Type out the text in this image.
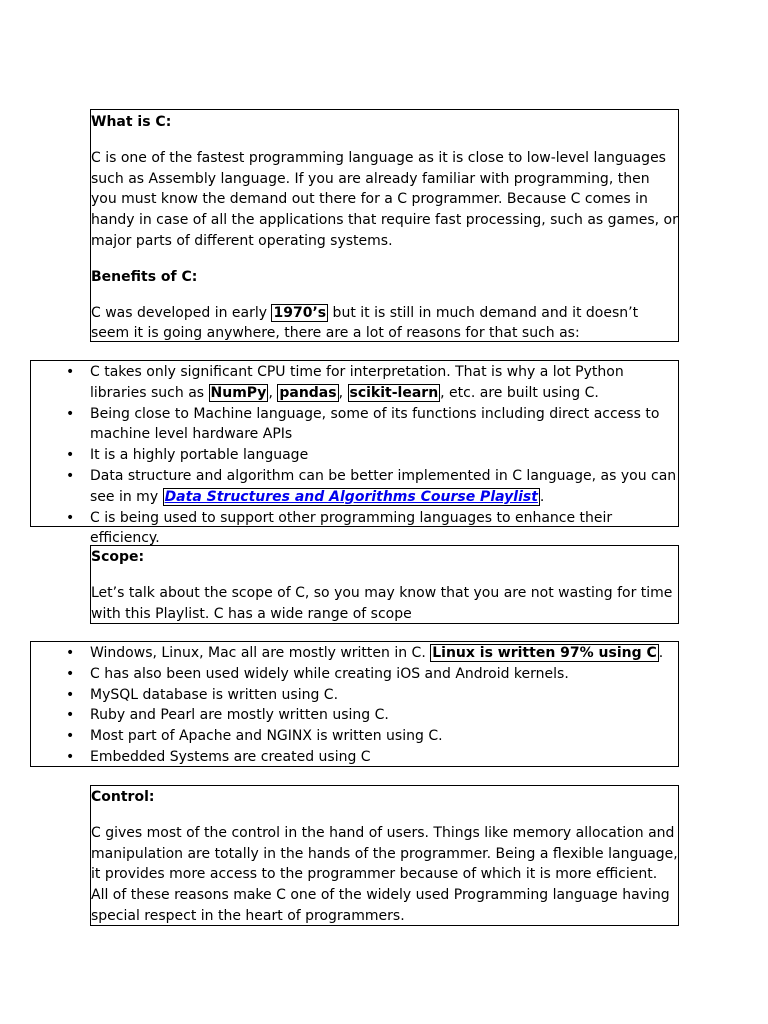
What is C:

C is one of the fastest programming language as it is close to low-level languages such as Assembly language. If you are already familiar with programming, then you must know the demand out there for a C programmer. Because C comes in handy in case of all the applications that require fast processing, such as games, or major parts of different operating systems.

Benefits of C:

C was developed in early 1970’s but it is still in much demand and it doesn’t seem it is going anywhere, there are a lot of reasons for that such as:

• C takes only significant CPU time for interpretation. That is why a lot Python libraries such as NumPy , pandas , scikit-learn , etc. are built using C.
• Being close to Machine language, some of its functions including direct access to machine level hardware APIs
• It is a highly portable language
• Data structure and algorithm can be better implemented in C language, as you can see in my Data Structures and Algorithms Course Playlist .
• C is being used to support other programming languages to enhance their efficiency.

Scope:

Let’s talk about the scope of C, so you may know that you are not wasting for time with this Playlist. C has a wide range of scope

• Windows, Linux, Mac all are mostly written in C. Linux is written 97% using C .
• C has also been used widely while creating iOS and Android kernels.
• MySQL database is written using C.
• Ruby and Pearl are mostly written using C.
• Most part of Apache and NGINX is written using C.
• Embedded Systems are created using C

Control:

C gives most of the control in the hand of users. Things like memory allocation and manipulation are totally in the hands of the programmer. Being a flexible language, it provides more access to the programmer because of which it is more efficient.

All of these reasons make C one of the widely used Programming language having special respect in the heart of programmers.
